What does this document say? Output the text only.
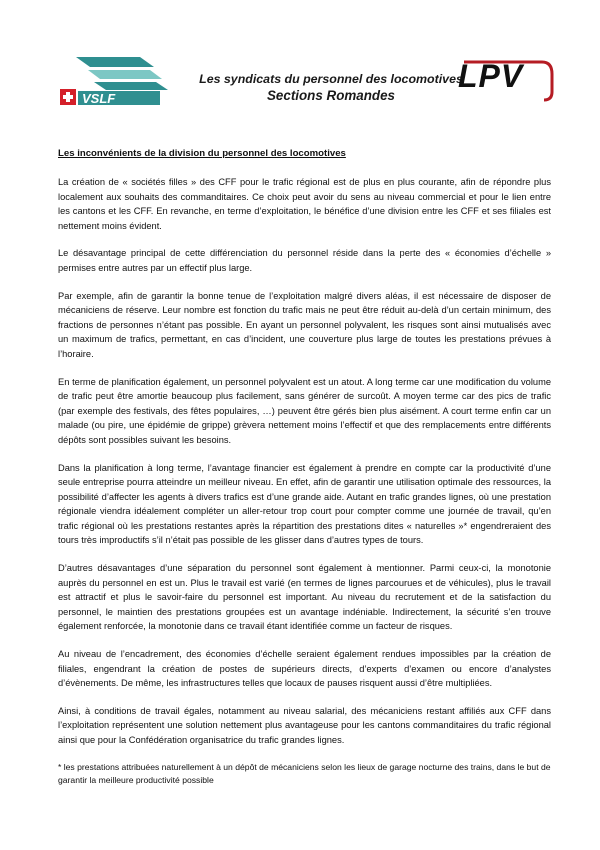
VSLF
Les syndicats du personnel des locomotives
Sections Romandes
LPV
Les inconvénients de la division du personnel des locomotives

La création de « sociétés filles » des CFF pour le trafic régional est de plus en plus courante, afin de répondre plus localement aux souhaits des commanditaires. Ce choix peut avoir du sens au niveau commercial et pour le lien entre les cantons et les CFF. En revanche, en terme d’exploitation, le bénéfice d’une division entre les CFF et ses filiales est nettement moins évident.

Le désavantage principal de cette différenciation du personnel réside dans la perte des « économies d’échelle » permises entre autres par un effectif plus large.

Par exemple, afin de garantir la bonne tenue de l’exploitation malgré divers aléas, il est nécessaire de disposer de mécaniciens de réserve. Leur nombre est fonction du trafic mais ne peut être réduit au-delà d’un certain minimum, des fractions de personnes n’étant pas possible. En ayant un personnel polyvalent, les risques sont ainsi mutualisés avec un maximum de trafics, permettant, en cas d’incident, une couverture plus large de toutes les prestations prévues à l’horaire.

En terme de planification également, un personnel polyvalent est un atout. A long terme car une modification du volume de trafic peut être amortie beaucoup plus facilement, sans générer de surcoût. A moyen terme car des pics de trafic (par exemple des festivals, des fêtes populaires, …) peuvent être gérés bien plus aisément. A court terme enfin car un malade (ou pire, une épidémie de grippe) grèvera nettement moins l’effectif et que des remplacements entre différents dépôts sont possibles suivant les besoins.

Dans la planification à long terme, l’avantage financier est également à prendre en compte car la productivité d’une seule entreprise pourra atteindre un meilleur niveau. En effet, afin de garantir une utilisation optimale des ressources, la possibilité d’affecter les agents à divers trafics est d’une grande aide. Autant en trafic grandes lignes, où une prestation régionale viendra idéalement compléter un aller-retour trop court pour compter comme une journée de travail, qu’en trafic régional où les prestations restantes après la répartition des prestations dites « naturelles »* engendreraient des tours très improductifs s’il n’était pas possible de les glisser dans d’autres types de tours.

D’autres désavantages d’une séparation du personnel sont également à mentionner. Parmi ceux-ci, la monotonie auprès du personnel en est un. Plus le travail est varié (en termes de lignes parcourues et de véhicules), plus le travail est attractif et plus le savoir-faire du personnel est important. Au niveau du recrutement et de la satisfaction du personnel, le maintien des prestations groupées est un avantage indéniable. Indirectement, la sécurité s’en trouve également renforcée, la monotonie dans ce travail étant identifiée comme un facteur de risques.

Au niveau de l’encadrement, des économies d’échelle seraient également rendues impossibles par la création de filiales, engendrant la création de postes de supérieurs directs, d’experts d’examen ou encore d’analystes d’évènements. De même, les infrastructures telles que locaux de pauses risquent aussi d’être multipliées.

Ainsi, à conditions de travail égales, notamment au niveau salarial, des mécaniciens restant affiliés aux CFF dans l’exploitation représentent une solution nettement plus avantageuse pour les cantons commanditaires du trafic régional ainsi que pour la Confédération organisatrice du trafic grandes lignes.

* les prestations attribuées naturellement à un dépôt de mécaniciens selon les lieux de garage nocturne des trains, dans le but de garantir la meilleure productivité possible
